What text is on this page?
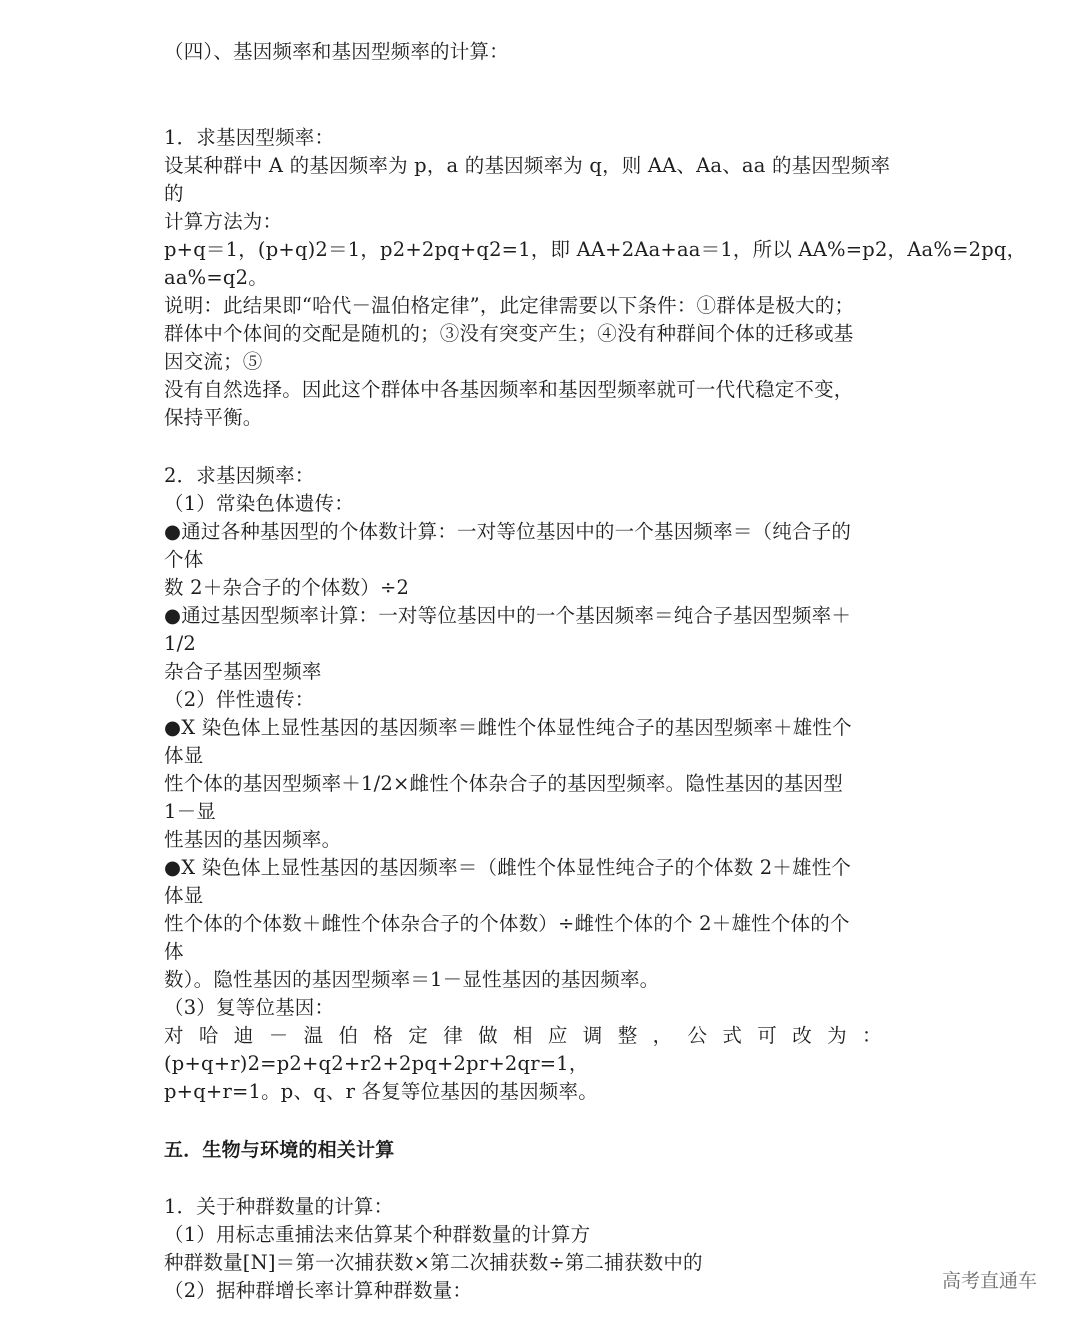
（四）、基因频率和基因型频率的计算：
1．求基因型频率：
设某种群中 A 的基因频率为 p，a 的基因频率为 q，则 AA、Aa、aa 的基因型频率
的
计算方法为：
p+q＝1，(p+q)2＝1，p2+2pq+q2=1，即 AA+2Aa+aa＝1，所以 AA%=p2，Aa%=2pq，
aa%=q2。
说明：此结果即“哈代－温伯格定律”，此定律需要以下条件：①群体是极大的；
群体中个体间的交配是随机的；③没有突变产生；④没有种群间个体的迁移或基
因交流；⑤
没有自然选择。因此这个群体中各基因频率和基因型频率就可一代代稳定不变，
保持平衡。
2．求基因频率：
（1）常染色体遗传：
●通过各种基因型的个体数计算：一对等位基因中的一个基因频率＝（纯合子的
个体
数 2＋杂合子的个体数）÷2
●通过基因型频率计算：一对等位基因中的一个基因频率＝纯合子基因型频率＋
1/2
杂合子基因型频率
（2）伴性遗传：
●X 染色体上显性基因的基因频率＝雌性个体显性纯合子的基因型频率＋雄性个
体显
性个体的基因型频率＋1/2×雌性个体杂合子的基因型频率。隐性基因的基因型
1－显
性基因的基因频率。
●X 染色体上显性基因的基因频率＝（雌性个体显性纯合子的个体数 2＋雄性个
体显
性个体的个体数＋雌性个体杂合子的个体数）÷雌性个体的个 2＋雄性个体的个
体
数）。隐性基因的基因型频率＝1－显性基因的基因频率。
（3）复等位基因：
对哈迪－温伯格定律做相应调整，公式可改为：
(p+q+r)2=p2+q2+r2+2pq+2pr+2qr=1，
p+q+r=1。p、q、r 各复等位基因的基因频率。
五．生物与环境的相关计算
1．关于种群数量的计算：
（1）用标志重捕法来估算某个种群数量的计算方
种群数量[N]＝第一次捕获数×第二次捕获数÷第二捕获数中的
（2）据种群增长率计算种群数量：	高考直通车
